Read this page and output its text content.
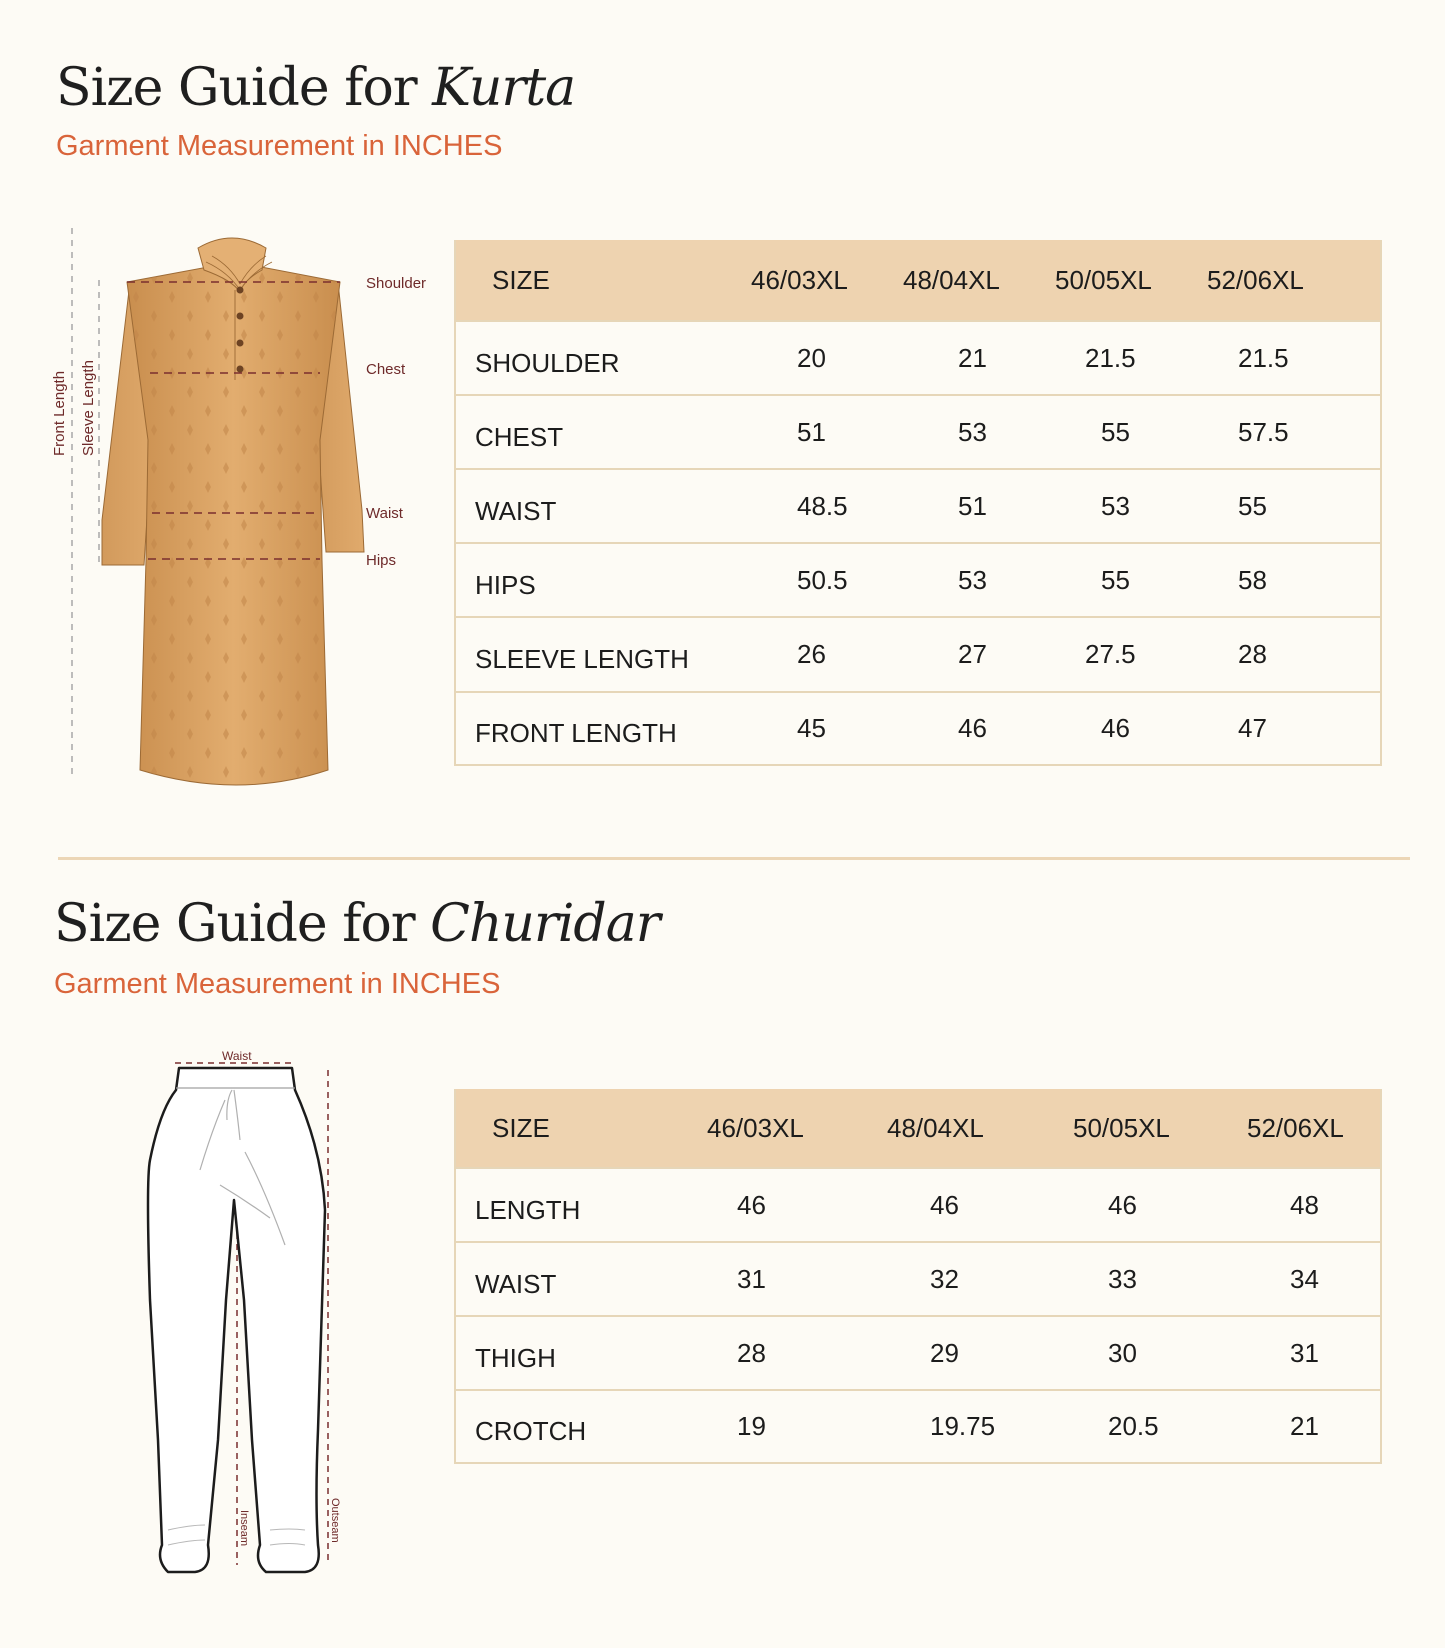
Size Guide for Kurta
Garment Measurement in INCHES
Shoulder
Chest
Waist
Hips
Front Length Sleeve Length
SIZE	46/03XL	48/04XL	50/05XL	52/06XL
SHOULDER	20	21	21.5	21.5
CHEST	51	53	55	57.5
WAIST	48.5	51	53	55
HIPS	50.5	53	55	58
SLEEVE LENGTH	26	27	27.5	28
FRONT LENGTH	45	46	46	47
Size Guide for Churidar
Garment Measurement in INCHES
Waist
Inseam	Outseam
SIZE	46/03XL	48/04XL	50/05XL	52/06XL
LENGTH	46	46	46	48
WAIST	31	32	33	34
THIGH	28	29	30	31
CROTCH	19	19.75	20.5	21
